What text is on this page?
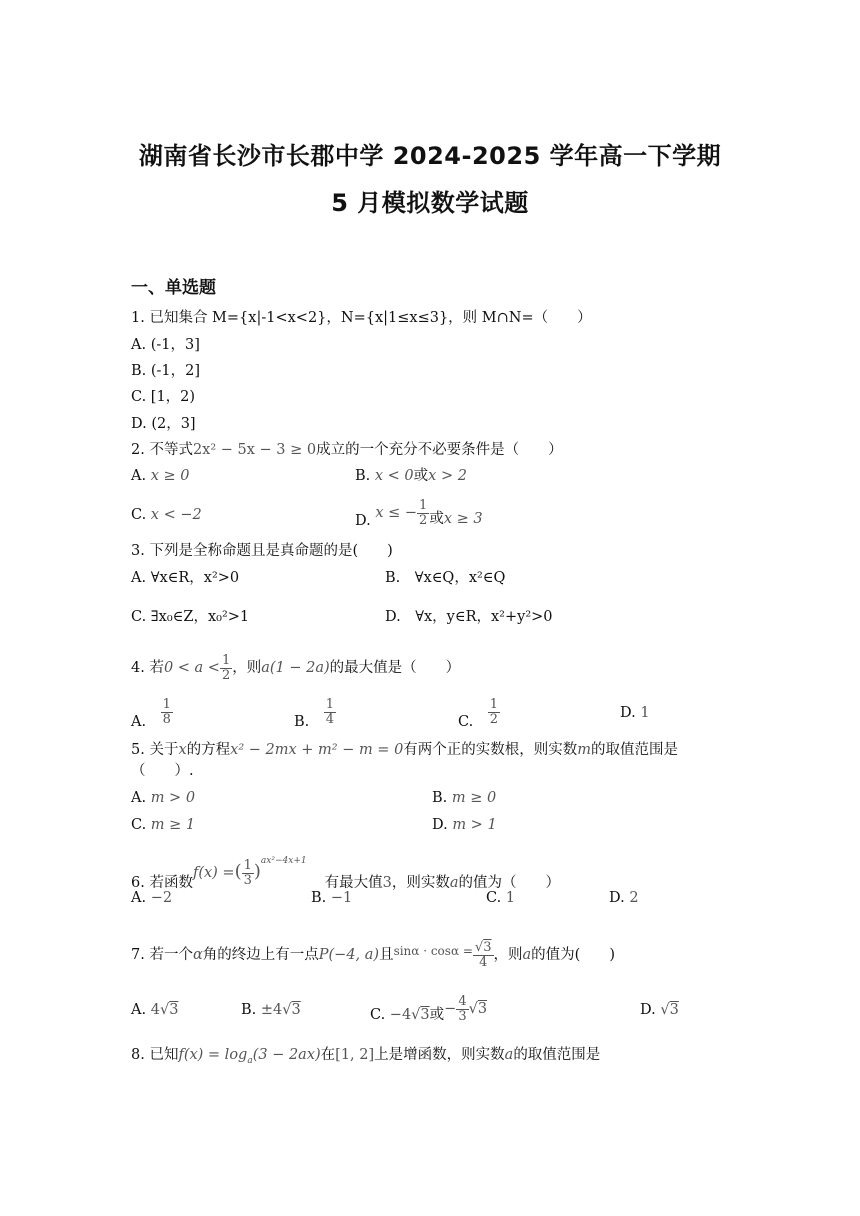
湖南省长沙市长郡中学 2024-2025 学年高一下学期
5 月模拟数学试题
一、单选题
1. 已知集合 M={x|-1<x<2}，N={x|1≤x≤3}，则 M∩N=（　　）
A. (-1，3]
B. (-1，2]
C. [1，2)
D. (2，3]
2. 不等式2x² − 5x − 3 ≥ 0成立的一个充分不必要条件是（　　）
A. x ≥ 0	B. x < 0或x > 2
C. x < −2	D. x ≤ − $\frac{1}{2}$ 或x ≥ 3
3. 下列是全称命题且是真命题的是(　　)
A. ∀x∈R，x²>0	B.　∀x∈Q，x²∈Q
C. ∃x₀∈Z，x₀²>1	D.　∀x，y∈R，x²+y²>0
4. 若$0 < a < \frac{1}{2}$ ，则a(1 − 2a)的最大值是（　　）
A.　 $\frac{1}{8}$	B.　 $\frac{1}{4}$	C.　 $\frac{1}{2}$	D. 1
5. 关于x的方程x² − 2mx + m² − m = 0有两个正的实数根，则实数m的取值范围是
（　　）.
A. m > 0	B. m ≥ 0
C. m ≥ 1	D. m > 1
6. 若函数f(x) =( $\frac{1}{3} )^{ax^2-4x+1}$有最大值3，则实数a的值为（　　）
A. −2	B. −1	C. 1	D. 2
7. 若一个α角的终边上有一点P(−4, a)且$^{sin\alpha \cdot cos\alpha =} \frac{√3}{4}$ ，则a的值为(　　)
A. 4√3	B. ±4√3	C. −4√3或− $\frac{4}{3} √3$	D. √3
8. 已知$f(x) = \log_a(3 - 2ax)$在[1, 2]上是增函数，则实数a的取值范围是
